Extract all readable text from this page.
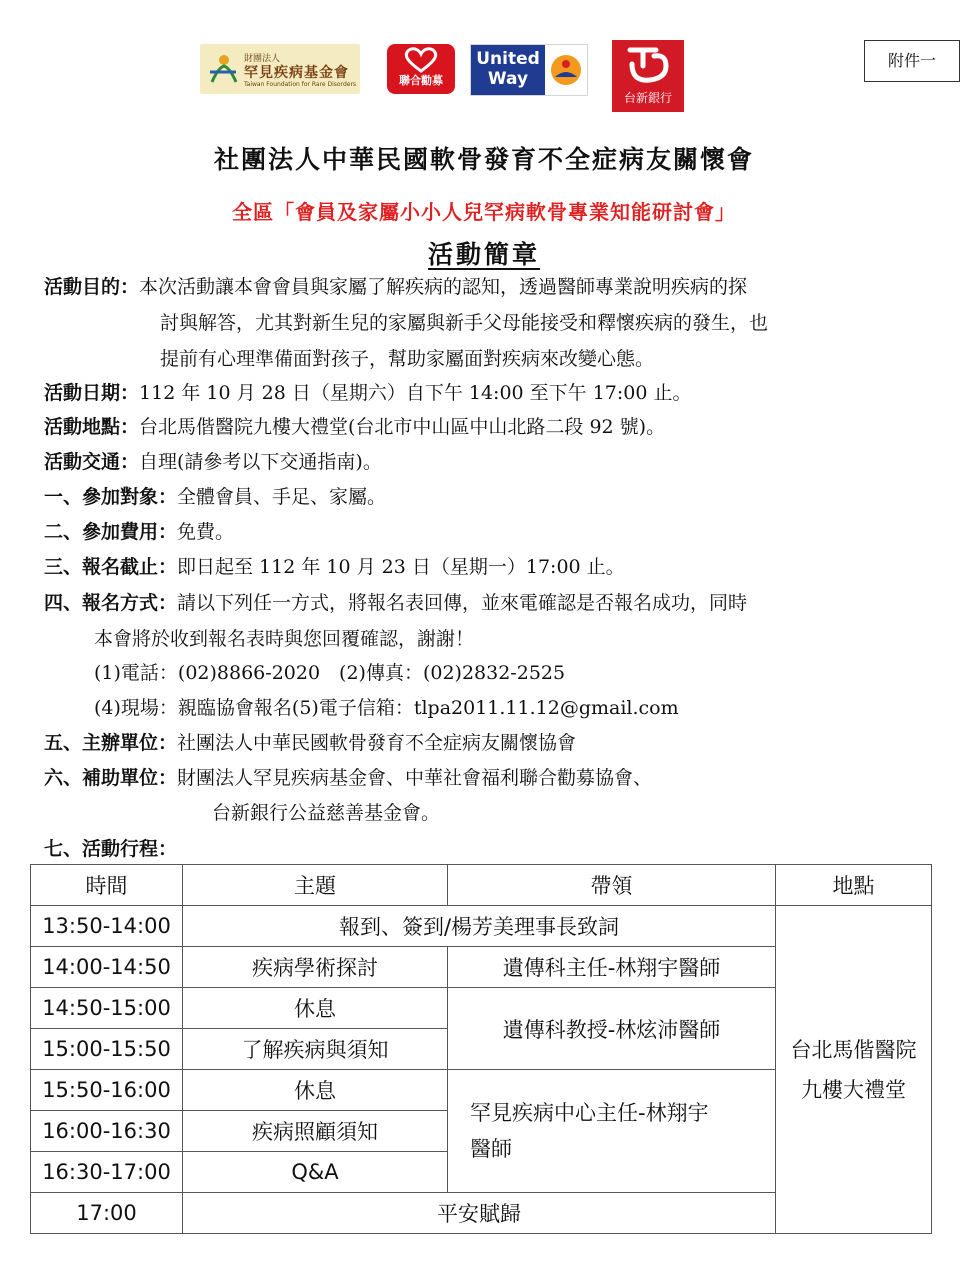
財團法人
罕見疾病基金會
Taiwan Foundation for Rare Disorders	聯合勸募
United
Way
台新銀行
附件一
社團法人中華民國軟骨發育不全症病友關懷會
全區「會員及家屬小小人兒罕病軟骨專業知能研討會」
活動簡章
活動目的：本次活動讓本會會員與家屬了解疾病的認知，透過醫師專業說明疾病的探
討與解答，尤其對新生兒的家屬與新手父母能接受和釋懷疾病的發生，也
提前有心理準備面對孩子，幫助家屬面對疾病來改變心態。
活動日期：112 年 10 月 28 日（星期六）自下午 14:00 至下午 17:00 止。
活動地點：台北馬偕醫院九樓大禮堂(台北市中山區中山北路二段 92 號)。
活動交通：自理(請參考以下交通指南)。
一、參加對象：全體會員、手足、家屬。
二、參加費用：免費。
三、報名截止：即日起至 112 年 10 月 23 日（星期一）17:00 止。
四、報名方式：請以下列任一方式，將報名表回傳，並來電確認是否報名成功，同時
本會將於收到報名表時與您回覆確認，謝謝！
(1)電話：(02)8866-2020　(2)傳真：(02)2832-2525
(4)現場：親臨協會報名(5)電子信箱：tlpa2011.11.12@gmail.com
五、主辦單位：社團法人中華民國軟骨發育不全症病友關懷協會
六、補助單位：財團法人罕見疾病基金會、中華社會福利聯合勸募協會、
台新銀行公益慈善基金會。
七、活動行程：
時間	主題	帶領	地點
13:50-14:00	報到、簽到/楊芳美理事長致詞		台北馬偕醫院
九樓大禮堂

14:00-14:50	疾病學術探討	遺傳科主任-林翔宇醫師	
14:50-15:00	休息	遺傳科教授-林炫沛醫師	
15:00-15:50	了解疾病與須知		
15:50-16:00	休息	罕見疾病中心主任-林翔宇
醫師	
16:00-16:30	疾病照顧須知		
16:30-17:00	Q&A		
17:00	平安賦歸		
